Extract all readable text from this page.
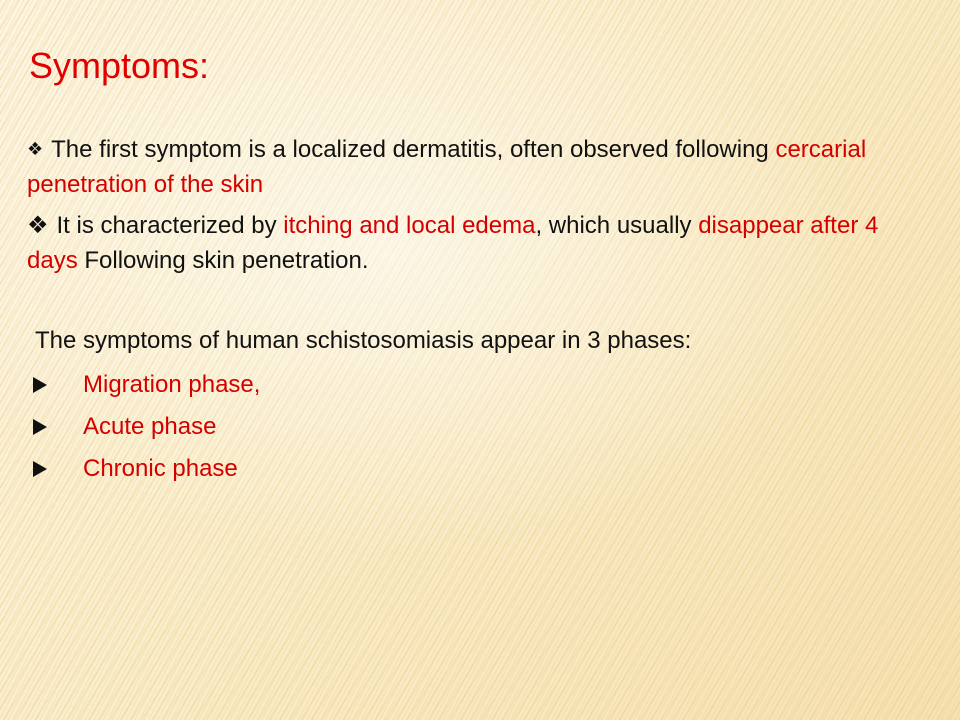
Symptoms:
❖ The first symptom is a localized dermatitis, often observed following cercarial penetration of the skin
❖ It is characterized by itching and local edema, which usually disappear after 4 days Following skin penetration.
The symptoms of human schistosomiasis appear in 3 phases:
Migration phase,
Acute phase
Chronic phase
